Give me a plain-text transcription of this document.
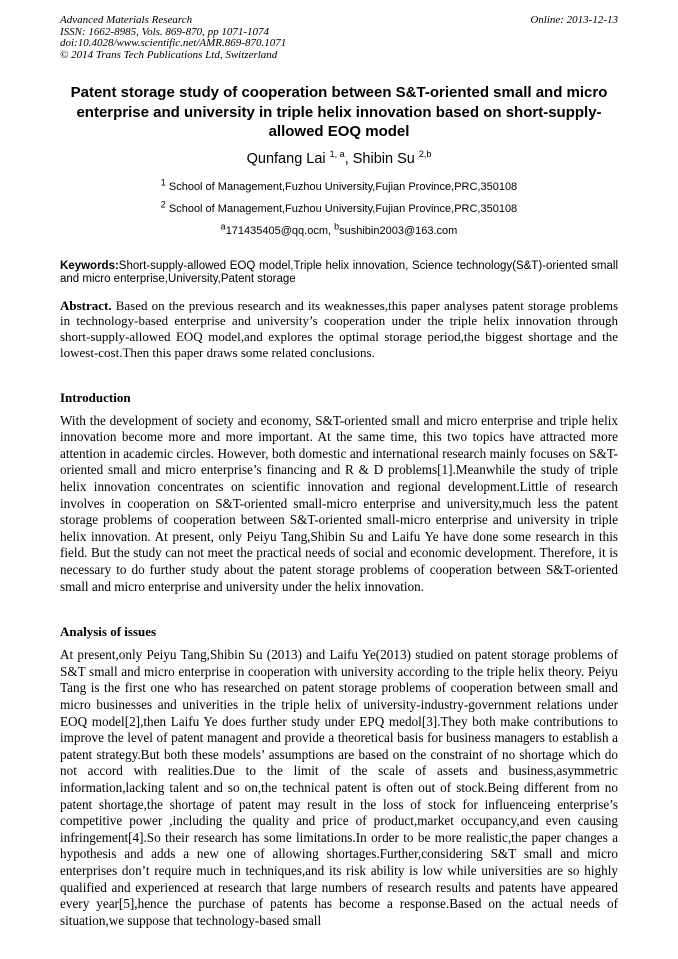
Advanced Materials Research
ISSN: 1662-8985, Vols. 869-870, pp 1071-1074
doi:10.4028/www.scientific.net/AMR.869-870.1071
© 2014 Trans Tech Publications Ltd, Switzerland
Online: 2013-12-13
Patent storage study of cooperation between S&T-oriented small and micro enterprise and university in triple helix innovation based on short-supply-allowed EOQ model
Qunfang Lai $^{1, a}$, Shibin Su $^{2,b}$
$^1$ School of Management,Fuzhou University,Fujian Province,PRC,350108
$^2$ School of Management,Fuzhou University,Fujian Province,PRC,350108
$^a$171435405@qq.ocm, $^b$sushibin2003@163.com
Keywords:Short-supply-allowed EOQ model,Triple helix innovation, Science technology(S&T)-oriented small and micro enterprise,University,Patent storage
Abstract. Based on the previous research and its weaknesses,this paper analyses patent storage problems in technology-based enterprise and university’s cooperation under the triple helix innovation through short-supply-allowed EOQ model,and explores the optimal storage period,the biggest shortage and the lowest-cost.Then this paper draws some related conclusions.
Introduction
With the development of society and economy, S&T-oriented small and micro enterprise and triple helix innovation become more and more important. At the same time, this two topics have attracted more attention in academic circles. However, both domestic and international research mainly focuses on S&T-oriented small and micro enterprise’s financing and R & D problems[1].Meanwhile the study of triple helix innovation concentrates on scientific innovation and regional development.Little of research involves in cooperation on S&T-oriented small-micro enterprise and university,much less the patent storage problems of cooperation between S&T-oriented small-micro enterprise and university in triple helix innovation. At present, only Peiyu Tang,Shibin Su and Laifu Ye have done some research in this field. But the study can not meet the practical needs of social and economic development. Therefore, it is necessary to do further study about the patent storage problems of cooperation between S&T-oriented small and micro enterprise and university under the helix innovation.
Analysis of issues
At present,only Peiyu Tang,Shibin Su (2013) and Laifu Ye(2013) studied on patent storage problems of S&T small and micro enterprise in cooperation with university according to the triple helix theory. Peiyu Tang is the first one who has researched on patent storage problems of cooperation between small and micro businesses and univerities in the triple helix of university-industry-government relations under EOQ model[2],then Laifu Ye does further study under EPQ medol[3].They both make contributions to improve the level of patent managent and provide a theoretical basis for business managers to establish a patent strategy.But both these models’ assumptions are based on the constraint of no shortage which do not accord with realities.Due to the limit of the scale of assets and business,asymmetric information,lacking talent and so on,the technical patent is often out of stock.Being different from no patent shortage,the shortage of patent may result in the loss of stock for influenceing enterprise’s competitive power ,including the quality and price of product,market occupancy,and even causing infringement[4].So their research has some limitations.In order to be more realistic,the paper changes a hypothesis and adds a new one of allowing shortages.Further,considering S&T small and micro enterprises don’t require much in techniques,and its risk ability is low while universities are so highly qualified and experienced at research that large numbers of research results and patents have appeared every year[5],hence the purchase of patents has become a response.Based on the actual needs of situation,we suppose that technology-based small
